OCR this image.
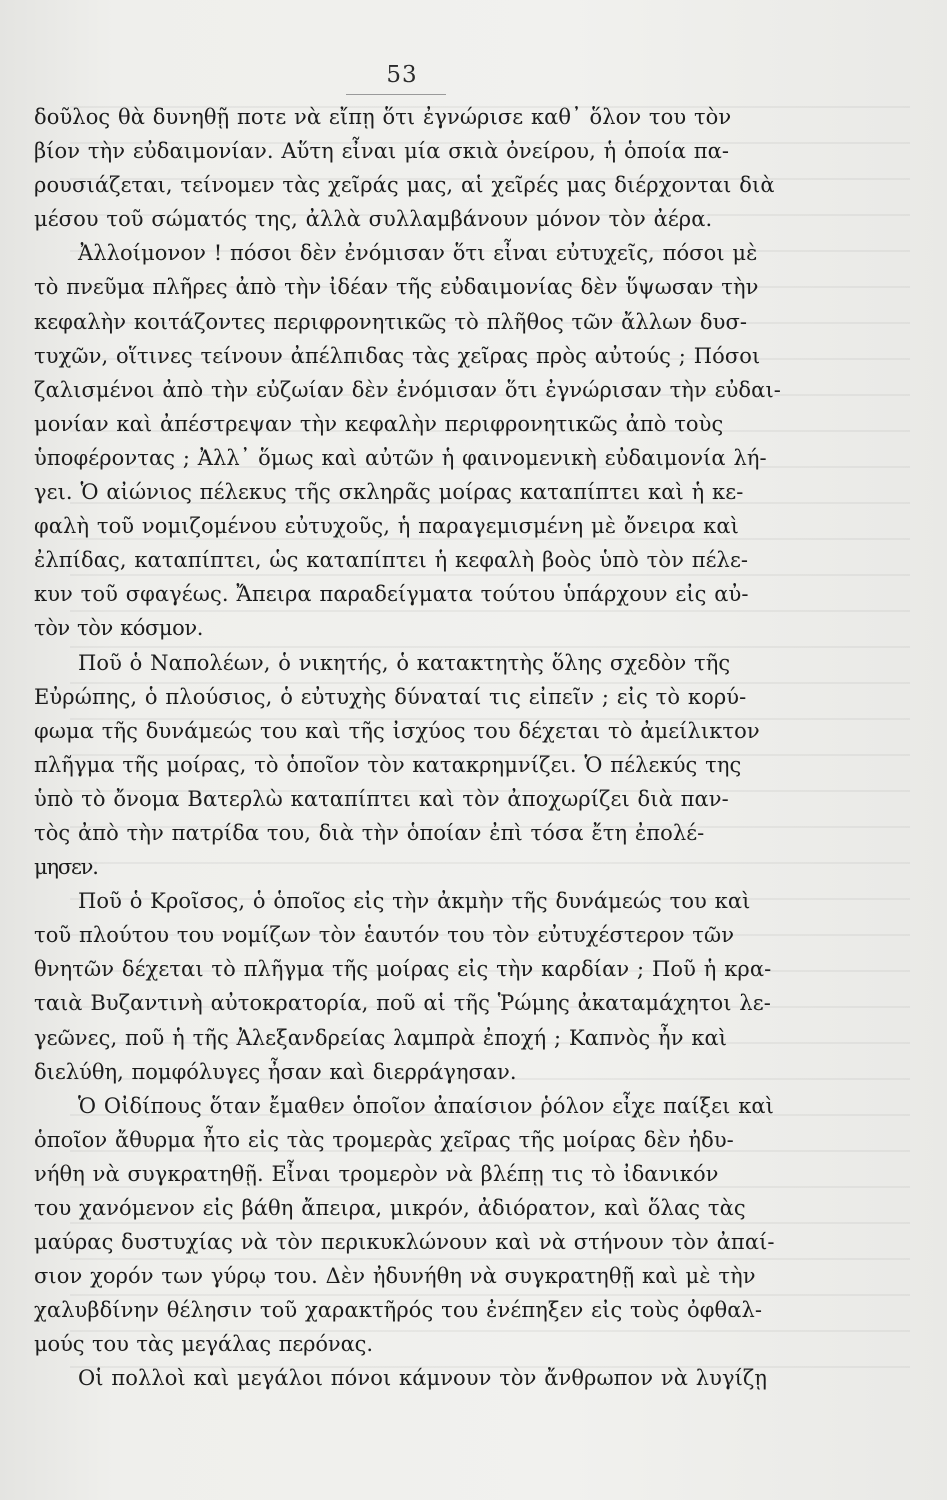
53
δοῦλος θὰ δυνηθῇ ποτε νὰ εἴπῃ ὅτι ἐγνώρισε καθ᾽ ὅλον του τὸν
βίον τὴν εὐδαιμονίαν. Αὕτη εἶναι μία σκιὰ ὀνείρου, ἡ ὁποία πα-
ρουσιάζεται, τείνομεν τὰς χεῖράς μας, αἱ χεῖρές μας διέρχονται διὰ
μέσου τοῦ σώματός της, ἀλλὰ συλλαμβάνουν μόνον τὸν ἀέρα.
Ἀλλοίμονον ! πόσοι δὲν ἐνόμισαν ὅτι εἶναι εὐτυχεῖς, πόσοι μὲ
τὸ πνεῦμα πλῆρες ἀπὸ τὴν ἰδέαν τῆς εὐδαιμονίας δὲν ὕψωσαν τὴν
κεφαλὴν κοιτάζοντες περιφρονητικῶς τὸ πλῆθος τῶν ἄλλων δυσ-
τυχῶν, οἵτινες τείνουν ἀπέλπιδας τὰς χεῖρας πρὸς αὐτούς ; Πόσοι
ζαλισμένοι ἀπὸ τὴν εὐζωίαν δὲν ἐνόμισαν ὅτι ἐγνώρισαν τὴν εὐδαι-
μονίαν καὶ ἀπέστρεψαν τὴν κεφαλὴν περιφρονητικῶς ἀπὸ τοὺς
ὑποφέροντας ; Ἀλλ᾽ ὅμως καὶ αὐτῶν ἡ φαινομενικὴ εὐδαιμονία λή-
γει. Ὁ αἰώνιος πέλεκυς τῆς σκληρᾶς μοίρας καταπίπτει καὶ ἡ κε-
φαλὴ τοῦ νομιζομένου εὐτυχοῦς, ἡ παραγεμισμένη μὲ ὄνειρα καὶ
ἐλπίδας, καταπίπτει, ὡς καταπίπτει ἡ κεφαλὴ βοὸς ὑπὸ τὸν πέλε-
κυν τοῦ σφαγέως. Ἄπειρα παραδείγματα τούτου ὑπάρχουν εἰς αὐ-
τὸν τὸν κόσμον.
Ποῦ ὁ Ναπολέων, ὁ νικητής, ὁ κατακτητὴς ὅλης σχεδὸν τῆς
Εὐρώπης, ὁ πλούσιος, ὁ εὐτυχὴς δύναταί τις εἰπεῖν ; εἰς τὸ κορύ-
φωμα τῆς δυνάμεώς του καὶ τῆς ἰσχύος του δέχεται τὸ ἀμείλικτον
πλῆγμα τῆς μοίρας, τὸ ὁποῖον τὸν κατακρημνίζει. Ὁ πέλεκύς της
ὑπὸ τὸ ὄνομα Βατερλὼ καταπίπτει καὶ τὸν ἀποχωρίζει διὰ παν-
τὸς ἀπὸ τὴν πατρίδα του, διὰ τὴν ὁποίαν ἐπὶ τόσα ἔτη ἐπολέ-
μησεν.
Ποῦ ὁ Κροῖσος, ὁ ὁποῖος εἰς τὴν ἀκμὴν τῆς δυνάμεώς του καὶ
τοῦ πλούτου του νομίζων τὸν ἑαυτόν του τὸν εὐτυχέστερον τῶν
θνητῶν δέχεται τὸ πλῆγμα τῆς μοίρας εἰς τὴν καρδίαν ; Ποῦ ἡ κρα-
ταιὰ Βυζαντινὴ αὐτοκρατορία, ποῦ αἱ τῆς Ῥώμης ἀκαταμάχητοι λε-
γεῶνες, ποῦ ἡ τῆς Ἀλεξανδρείας λαμπρὰ ἐποχή ; Καπνὸς ἦν καὶ
διελύθη, πομφόλυγες ἦσαν καὶ διερράγησαν.
Ὁ Οἰδίπους ὅταν ἔμαθεν ὁποῖον ἀπαίσιον ῥόλον εἶχε παίξει καὶ
ὁποῖον ἄθυρμα ἦτο εἰς τὰς τρομερὰς χεῖρας τῆς μοίρας δὲν ἠδυ-
νήθη νὰ συγκρατηθῇ. Εἶναι τρομερὸν νὰ βλέπῃ τις τὸ ἰδανικόν
του χανόμενον εἰς βάθη ἄπειρα, μικρόν, ἀδιόρατον, καὶ ὅλας τὰς
μαύρας δυστυχίας νὰ τὸν περικυκλώνουν καὶ νὰ στήνουν τὸν ἀπαί-
σιον χορόν των γύρῳ του. Δὲν ἠδυνήθη νὰ συγκρατηθῇ καὶ μὲ τὴν
χαλυβδίνην θέλησιν τοῦ χαρακτῆρός του ἐνέπηξεν εἰς τοὺς ὀφθαλ-
μούς του τὰς μεγάλας περόνας.
Οἱ πολλοὶ καὶ μεγάλοι πόνοι κάμνουν τὸν ἄνθρωπον νὰ λυγίζῃ
